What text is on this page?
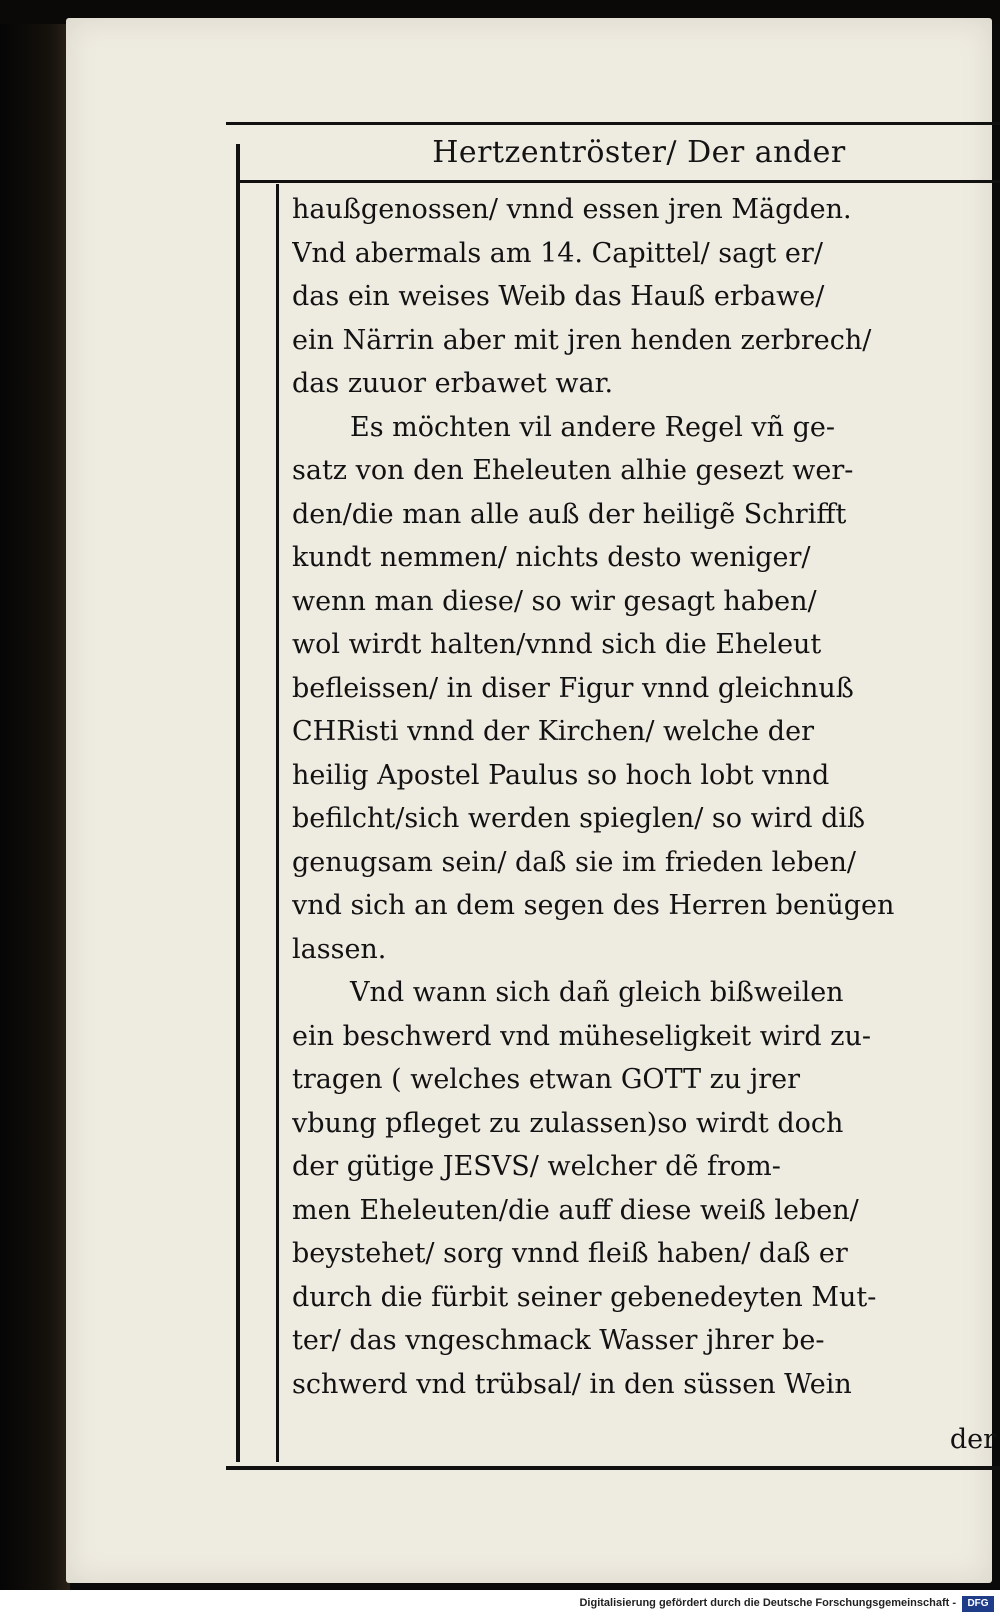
Hertzentröster/ Der ander
haußgenossen/ vnnd essen jren Mägden.
Vnd abermals am 14. Capittel/ sagt er/
das ein weises Weib das Hauß erbawe/
ein Närrin aber mit jren henden zerbrech/
das zuuor erbawet war.
Es möchten vil andere Regel vñ ge-
satz von den Eheleuten alhie gesezt wer-
den/die man alle auß der heiligẽ Schrifft
kundt nemmen/ nichts desto weniger/
wenn man diese/ so wir gesagt haben/
wol wirdt halten/vnnd sich die Eheleut
befleissen/ in diser Figur vnnd gleichnuß
CHRisti vnnd der Kirchen/ welche der
heilig Apostel Paulus so hoch lobt vnnd
befilcht/sich werden spieglen/ so wird diß
genugsam sein/ daß sie im frieden leben/
vnd sich an dem segen des Herren benügen
lassen.
Vnd wann sich dañ gleich bißweilen
ein beschwerd vnd müheseligkeit wird zu-
tragen ( welches etwan GOTT zu jrer
vbung pfleget zu zulassen)so wirdt doch
der gütige JESVS/ welcher dẽ from-
men Eheleuten/die auff diese weiß leben/
beystehet/ sorg vnnd fleiß haben/ daß er
durch die fürbit seiner gebenedeyten Mut-
ter/ das vngeschmack Wasser jhrer be-
schwerd vnd trübsal/ in den süssen Wein
der
Digitalisierung gefördert durch die Deutsche Forschungsgemeinschaft -	DFG
